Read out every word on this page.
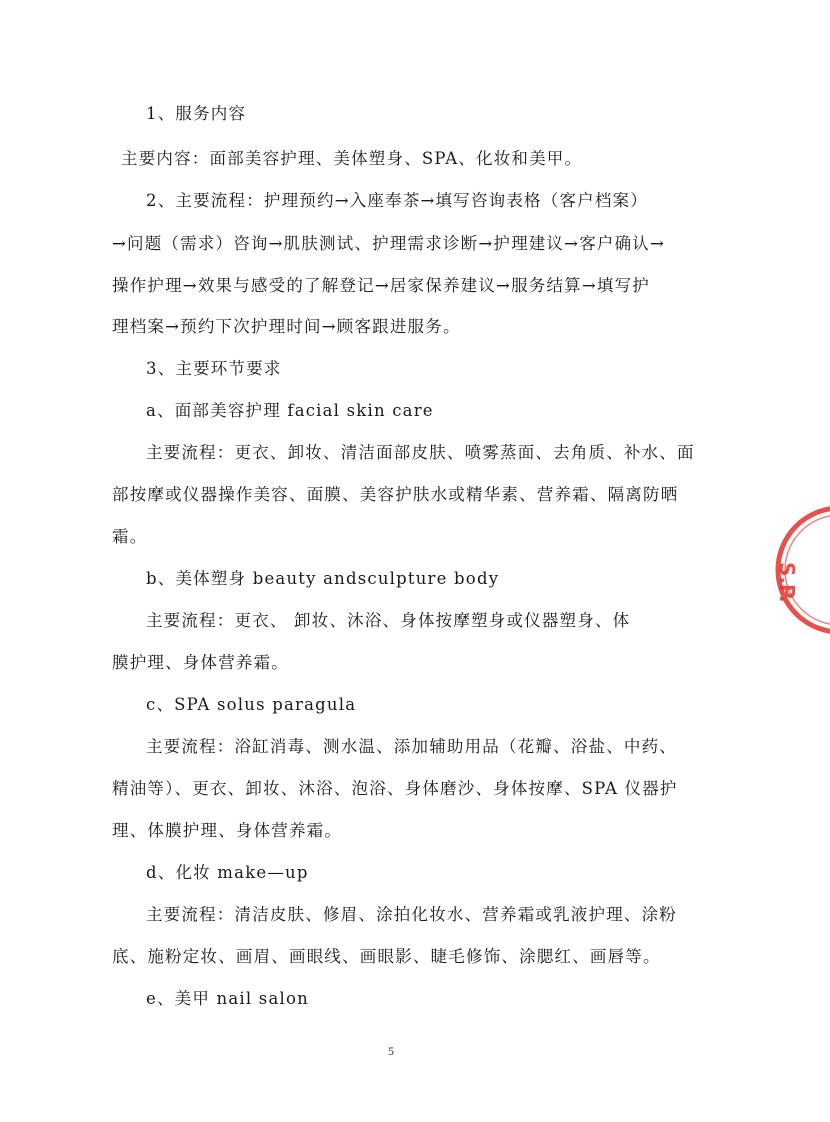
1、服务内容
主要内容：面部美容护理、美体塑身、SPA、化妆和美甲。
2、主要流程：护理预约→入座奉茶→填写咨询表格（客户档案）
→问题（需求）咨询→肌肤测试、护理需求诊断→护理建议→客户确认→
操作护理→效果与感受的了解登记→居家保养建议→服务结算→填写护
理档案→预约下次护理时间→顾客跟进服务。
3、主要环节要求
a、面部美容护理 facial skin care
主要流程：更衣、卸妆、清洁面部皮肤、喷雾蒸面、去角质、补水、面
部按摩或仪器操作美容、面膜、美容护肤水或精华素、营养霜、隔离防晒
霜。
b、美体塑身 beauty andsculpture body
主要流程：更衣、 卸妆、沐浴、身体按摩塑身或仪器塑身、体
膜护理、身体营养霜。
c、SPA solus paragula
主要流程：浴缸消毒、测水温、添加辅助用品（花瓣、浴盐、中药、
精油等）、更衣、卸妆、沐浴、泡浴、身体磨沙、身体按摩、SPA 仪器护
理、体膜护理、身体营养霜。
d、化妆 make—up
主要流程：清洁皮肤、修眉、涂拍化妆水、营养霜或乳液护理、涂粉
底、施粉定妆、画眉、画眼线、画眼影、睫毛修饰、涂腮红、画唇等。
e、美甲 nail salon
5
S.P.
